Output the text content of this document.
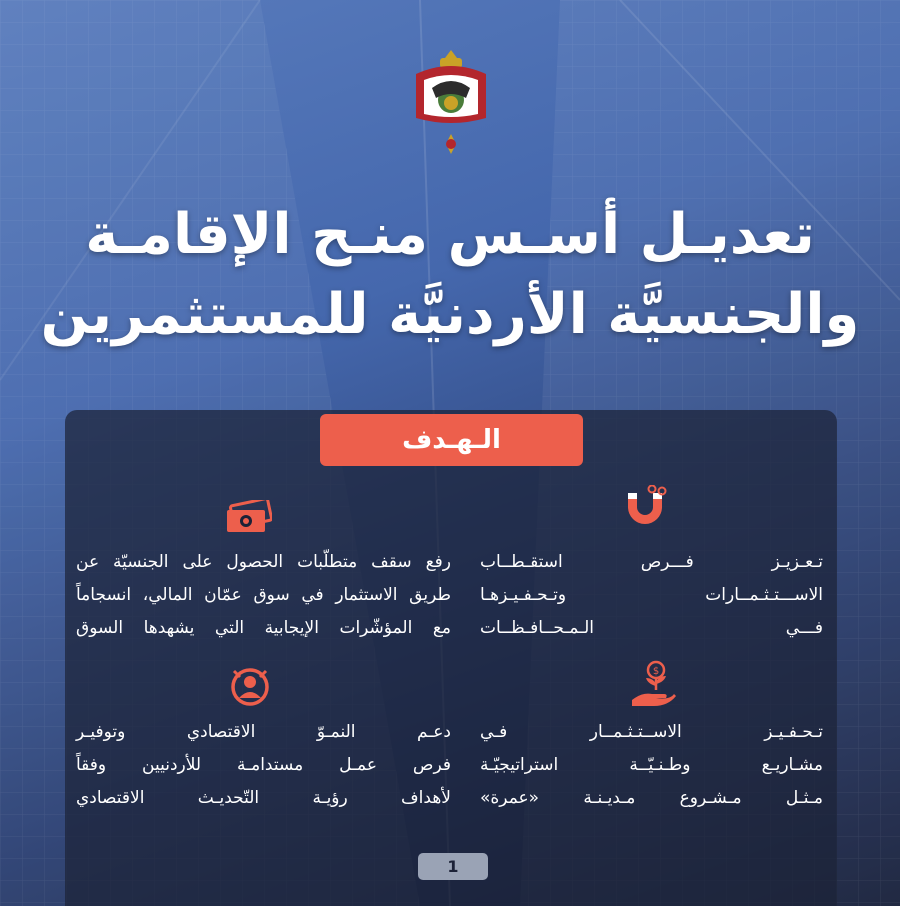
تعديـل أسـس منـح الإقامـة
والجنسيَّة الأردنيَّة للمستثمرين
الـهـدف
$
رفع سقف متطلّبات الحصول على الجنسيّة عن
طريق الاستثمار في سوق عمّان المالي، انسجاماً
مع المؤشّرات الإيجابية التي يشهدها السوق
تـعـزيـز فـــرص استقـطــاب
الاســـتـثـمــارات وتـحـفـيـزهـا
فـــي الـمـحــافـظــات
دعـم النمـوّ الاقتصادي وتوفيـر
فرص عمـل مستدامـة للأردنيين وفقاً
لأهداف رؤيـة التّحديـث الاقتصادي
تـحـفـيـز الاســتـثـمــار فـي
مشـاريـع وطـنـيّــة استراتيجيّـة
مـثـل مـشـروع مـديـنـة «عمرة»
1
